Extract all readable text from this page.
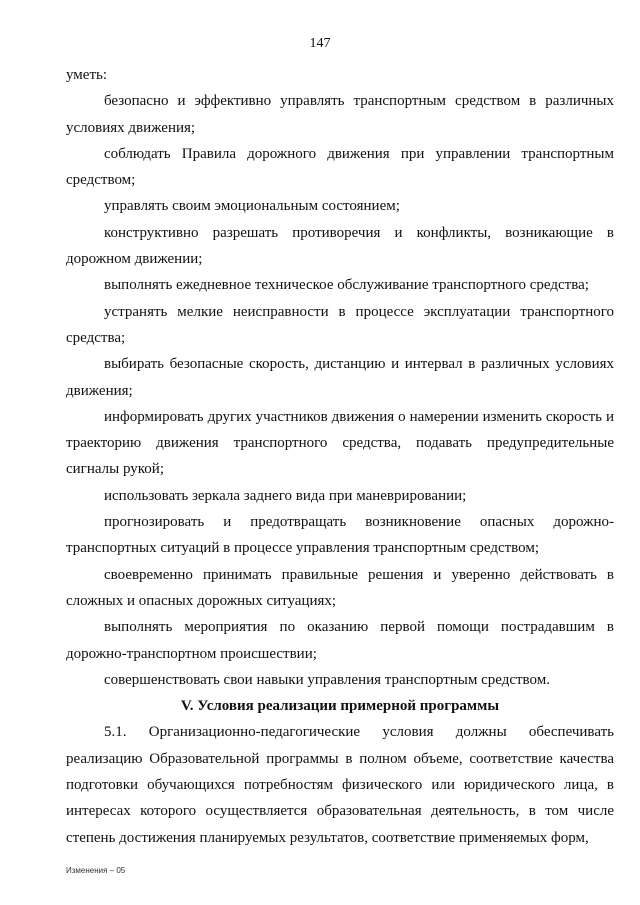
147

уметь:

безопасно и эффективно управлять транспортным средством в различных условиях движения;

соблюдать Правила дорожного движения при управлении транспортным средством;

управлять своим эмоциональным состоянием;

конструктивно разрешать противоречия и конфликты, возникающие в дорожном движении;

выполнять ежедневное техническое обслуживание транспортного средства;

устранять мелкие неисправности в процессе эксплуатации транспортного средства;

выбирать безопасные скорость, дистанцию и интервал в различных условиях движения;

информировать других участников движения о намерении изменить скорость и траекторию движения транспортного средства, подавать предупредительные сигналы рукой;

использовать зеркала заднего вида при маневрировании;

прогнозировать и предотвращать возникновение опасных дорожно-транспортных ситуаций в процессе управления транспортным средством;

своевременно принимать правильные решения и уверенно действовать в сложных и опасных дорожных ситуациях;

выполнять мероприятия по оказанию первой помощи пострадавшим в дорожно-транспортном происшествии;

совершенствовать свои навыки управления транспортным средством.

V. Условия реализации примерной программы

5.1. Организационно-педагогические условия должны обеспечивать реализацию Образовательной программы в полном объеме, соответствие качества подготовки обучающихся потребностям физического или юридического лица, в интересах которого осуществляется образовательная деятельность, в том числе степень достижения планируемых результатов, соответствие применяемых форм,

Изменения – 05
